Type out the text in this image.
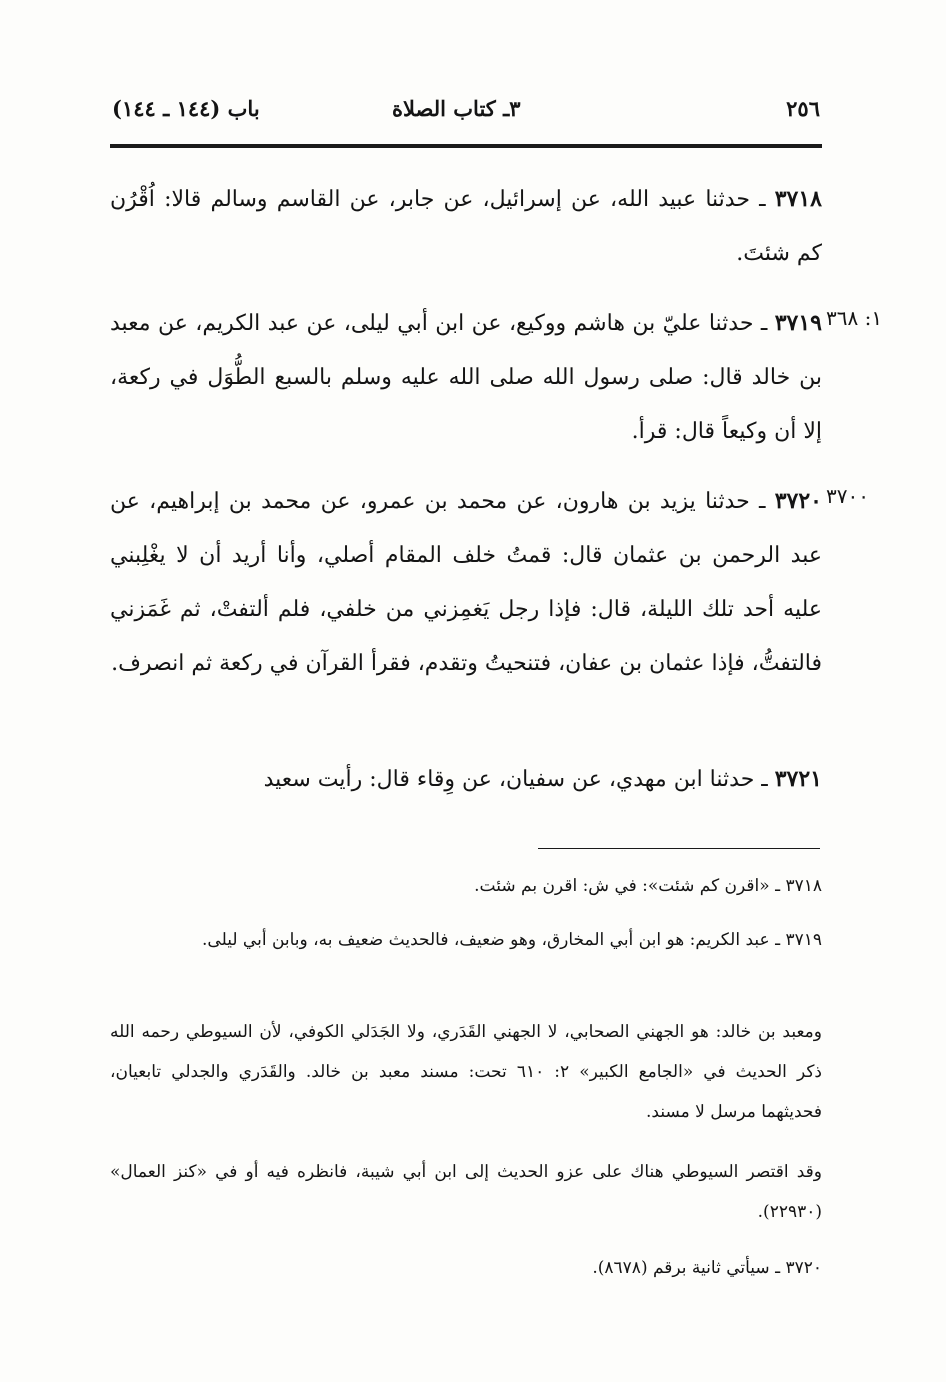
٢٥٦
٣ـ كتاب الصلاة
باب (١٤٤ ـ ١٤٤)
٣٧١٨ ـ حدثنا عبيد الله، عن إسرائيل، عن جابر، عن القاسم وسالم قالا: اُقْرُن كم شئتَ.
١: ٣٦٨
٣٧١٩ ـ حدثنا عليّ بن هاشم ووكيع، عن ابن أبي ليلى، عن عبد الكريم، عن معبد بن خالد قال: صلى رسول الله صلى الله عليه وسلم بالسبع الطُّوَل في ركعة، إلا أن وكيعاً قال: قرأ.
٣٧٠٠
٣٧٢٠ ـ حدثنا يزيد بن هارون، عن محمد بن عمرو، عن محمد بن إبراهيم، عن عبد الرحمن بن عثمان قال: قمتُ خلف المقام أصلي، وأنا أريد أن لا يغْلِبني عليه أحد تلك الليلة، قال: فإذا رجل يَغمِزني من خلفي، فلم ألتفتْ، ثم غَمَزني فالتفتُّ، فإذا عثمان بن عفان، فتنحيتُ وتقدم، فقرأ القرآن في ركعة ثم انصرف.
٣٧٢١ ـ حدثنا ابن مهدي، عن سفيان، عن وِقاء قال: رأيت سعيد
٣٧١٨ ـ «اقرن كم شئت»: في ش: اقرن بم شئت.
٣٧١٩ ـ عبد الكريم: هو ابن أبي المخارق، وهو ضعيف، فالحديث ضعيف به، وبابن أبي ليلى.
ومعبد بن خالد: هو الجهني الصحابي، لا الجهني القَدَري، ولا الجَدَلي الكوفي، لأن السيوطي رحمه الله ذكر الحديث في «الجامع الكبير» ٢: ٦١٠ تحت: مسند معبد بن خالد. والقَدَري والجدلي تابعيان، فحديثهما مرسل لا مسند.
وقد اقتصر السيوطي هناك على عزو الحديث إلى ابن أبي شيبة، فانظره فيه أو في «كنز العمال» (٢٢٩٣٠).
٣٧٢٠ ـ سيأتي ثانية برقم (٨٦٧٨).
